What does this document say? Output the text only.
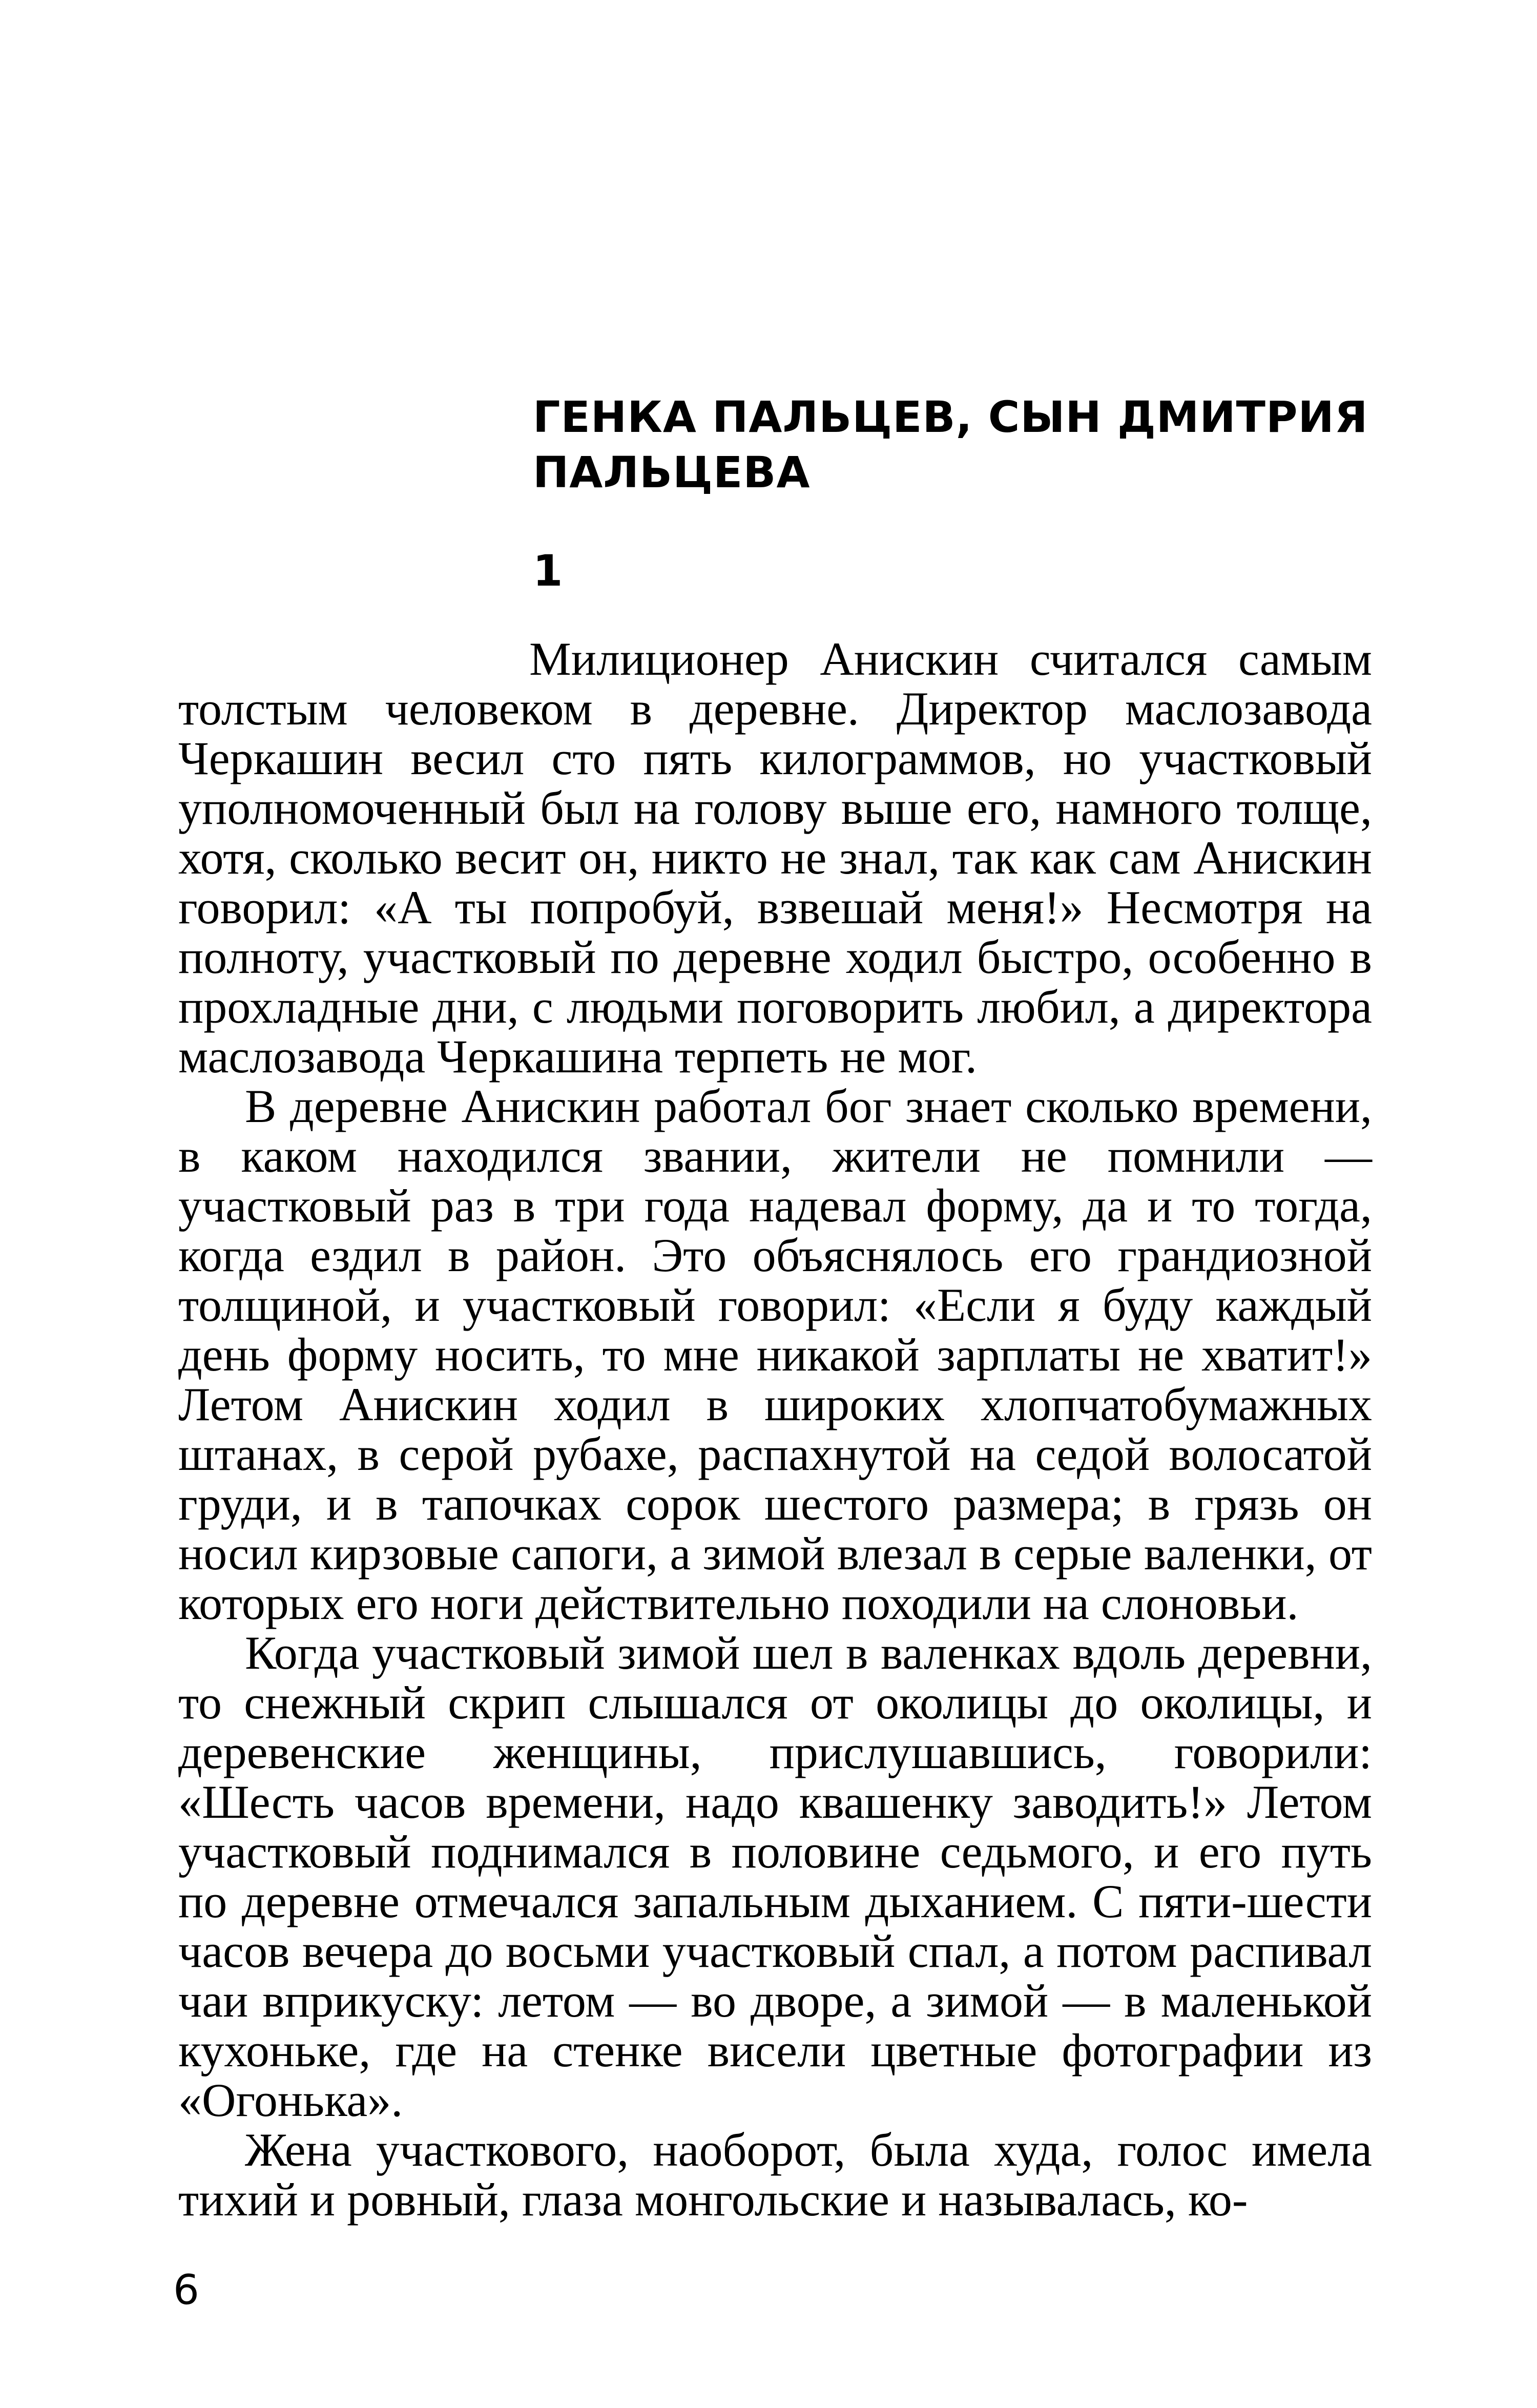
ГЕНКА ПАЛЬЦЕВ, СЫН ДМИТРИЯ ПАЛЬЦЕВА
1

Милиционер Анискин считался самым толстым человеком в деревне. Директор маслозавода Черкашин весил сто пять килограммов, но участковый уполномоченный был на голову выше его, намного толще, хотя, сколько весит он, никто не знал, так как сам Анискин говорил: «А ты попробуй, взвешай меня!» Несмотря на полноту, участковый по деревне ходил быстро, особенно в прохладные дни, с людьми поговорить любил, а директора маслозавода Черкашина терпеть не мог.

В деревне Анискин работал бог знает сколько времени, в каком находился звании, жители не помнили — участковый раз в три года надевал форму, да и то тогда, когда ездил в район. Это объяснялось его грандиозной толщиной, и участковый говорил: «Если я буду каждый день форму носить, то мне никакой зарплаты не хватит!» Летом Анискин ходил в широких хлопчатобумажных штанах, в серой рубахе, распахнутой на седой волосатой груди, и в тапочках сорок шестого размера; в грязь он носил кирзовые сапоги, а зимой влезал в серые валенки, от которых его ноги действительно походили на слоновьи.

Когда участковый зимой шел в валенках вдоль деревни, то снежный скрип слышался от околицы до околицы, и деревенские женщины, прислушавшись, говорили: «Шесть часов времени, надо квашенку заводить!» Летом участковый поднимался в половине седьмого, и его путь по деревне отмечался запальным дыханием. С пяти-шести часов вечера до восьми участковый спал, а потом распивал чаи вприкуску: летом — во дворе, а зимой — в маленькой кухоньке, где на стенке висели цветные фотографии из «Огонька».

Жена участкового, наоборот, была худа, голос имела тихий и ровный, глаза монгольские и называлась, ко-

6
